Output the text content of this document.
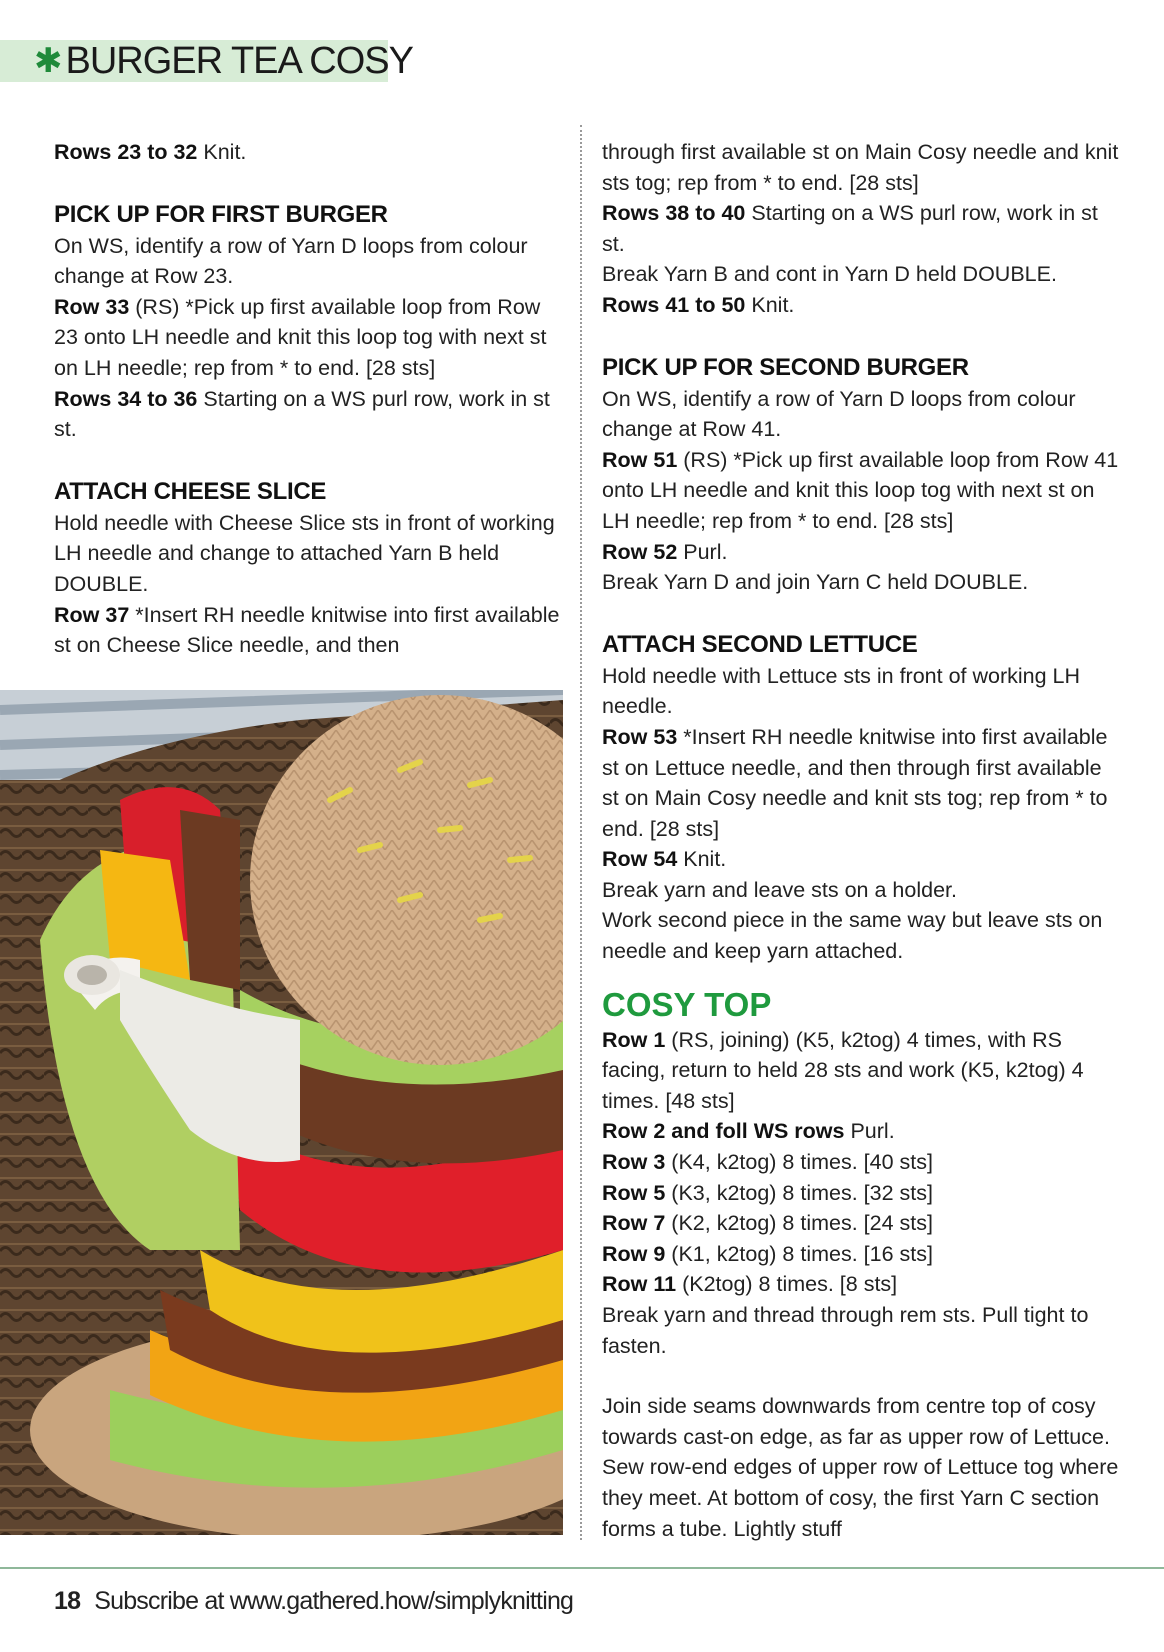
✱ BURGER TEA COSY

Rows 23 to 32 Knit.

PICK UP FOR FIRST BURGER

On WS, identify a row of Yarn D loops from colour change at Row 23.

Row 33 (RS) *Pick up first available loop from Row 23 onto LH needle and knit this loop tog with next st on LH needle; rep from * to end. [28 sts]

Rows 34 to 36 Starting on a WS purl row, work in st st.

ATTACH CHEESE SLICE

Hold needle with Cheese Slice sts in front of working LH needle and change to attached Yarn B held DOUBLE.

Row 37 *Insert RH needle knitwise into first available st on Cheese Slice needle, and then

through first available st on Main Cosy needle and knit sts tog; rep from * to end. [28 sts]

Rows 38 to 40 Starting on a WS purl row, work in st st.

Break Yarn B and cont in Yarn D held DOUBLE.

Rows 41 to 50 Knit.

PICK UP FOR SECOND BURGER

On WS, identify a row of Yarn D loops from colour change at Row 41.

Row 51 (RS) *Pick up first available loop from Row 41 onto LH needle and knit this loop tog with next st on LH needle; rep from * to end. [28 sts]

Row 52 Purl.

Break Yarn D and join Yarn C held DOUBLE.

ATTACH SECOND LETTUCE

Hold needle with Lettuce sts in front of working LH needle.

Row 53 *Insert RH needle knitwise into first available st on Lettuce needle, and then through first available st on Main Cosy needle and knit sts tog; rep from * to end. [28 sts]

Row 54 Knit.

Break yarn and leave sts on a holder.

Work second piece in the same way but leave sts on needle and keep yarn attached.

COSY TOP

Row 1 (RS, joining) (K5, k2tog) 4 times, with RS facing, return to held 28 sts and work (K5, k2tog) 4 times. [48 sts]

Row 2 and foll WS rows Purl.

Row 3 (K4, k2tog) 8 times. [40 sts]

Row 5 (K3, k2tog) 8 times. [32 sts]

Row 7 (K2, k2tog) 8 times. [24 sts]

Row 9 (K1, k2tog) 8 times. [16 sts]

Row 11 (K2tog) 8 times. [8 sts]

Break yarn and thread through rem sts. Pull tight to fasten.

Join side seams downwards from centre top of cosy towards cast-on edge, as far as upper row of Lettuce. Sew row-end edges of upper row of Lettuce tog where they meet. At bottom of cosy, the first Yarn C section forms a tube. Lightly stuff

18 Subscribe at www.gathered.how/simplyknitting
